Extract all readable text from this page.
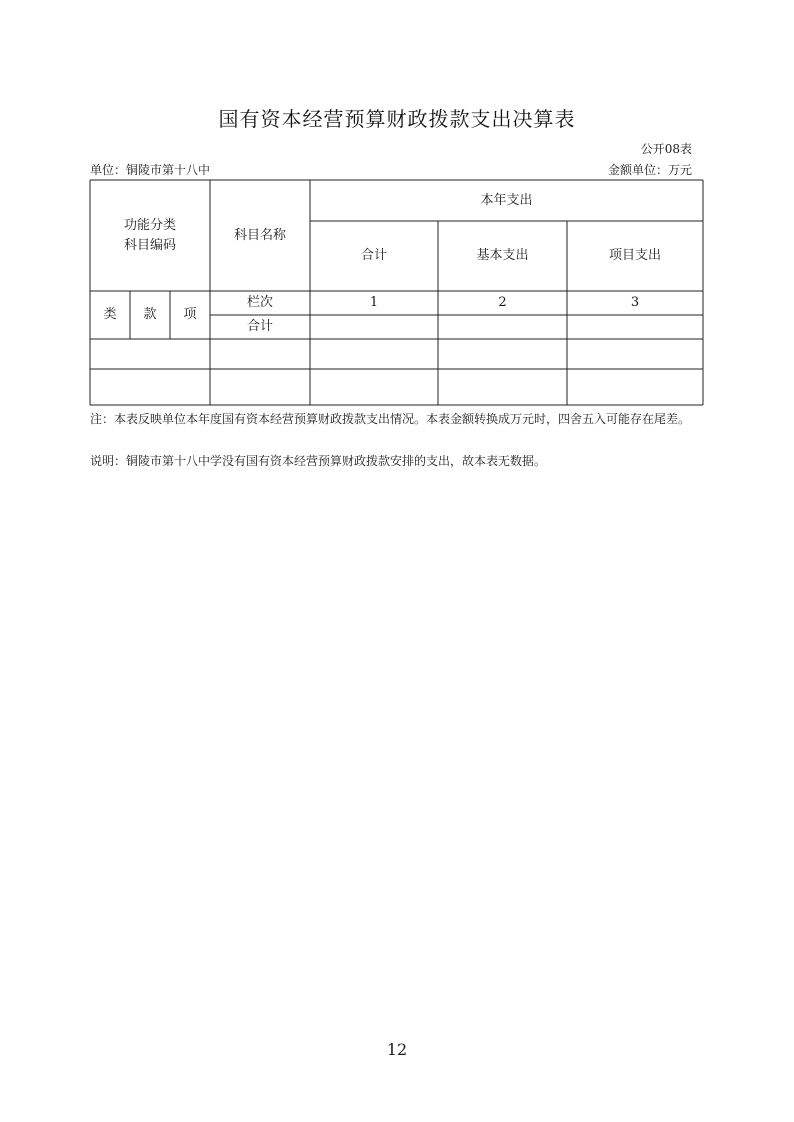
国有资本经营预算财政拨款支出决算表
公开08表
单位：铜陵市第十八中	金额单位：万元
功能分类
科目编码
科目名称
本年支出
合计	基本支出	项目支出
类	款	项
栏次	1	2	3
合计
注：本表反映单位本年度国有资本经营预算财政拨款支出情况。本表金额转换成万元时，四舍五入可能存在尾差。
说明：铜陵市第十八中学没有国有资本经营预算财政拨款安排的支出，故本表无数据。
12
